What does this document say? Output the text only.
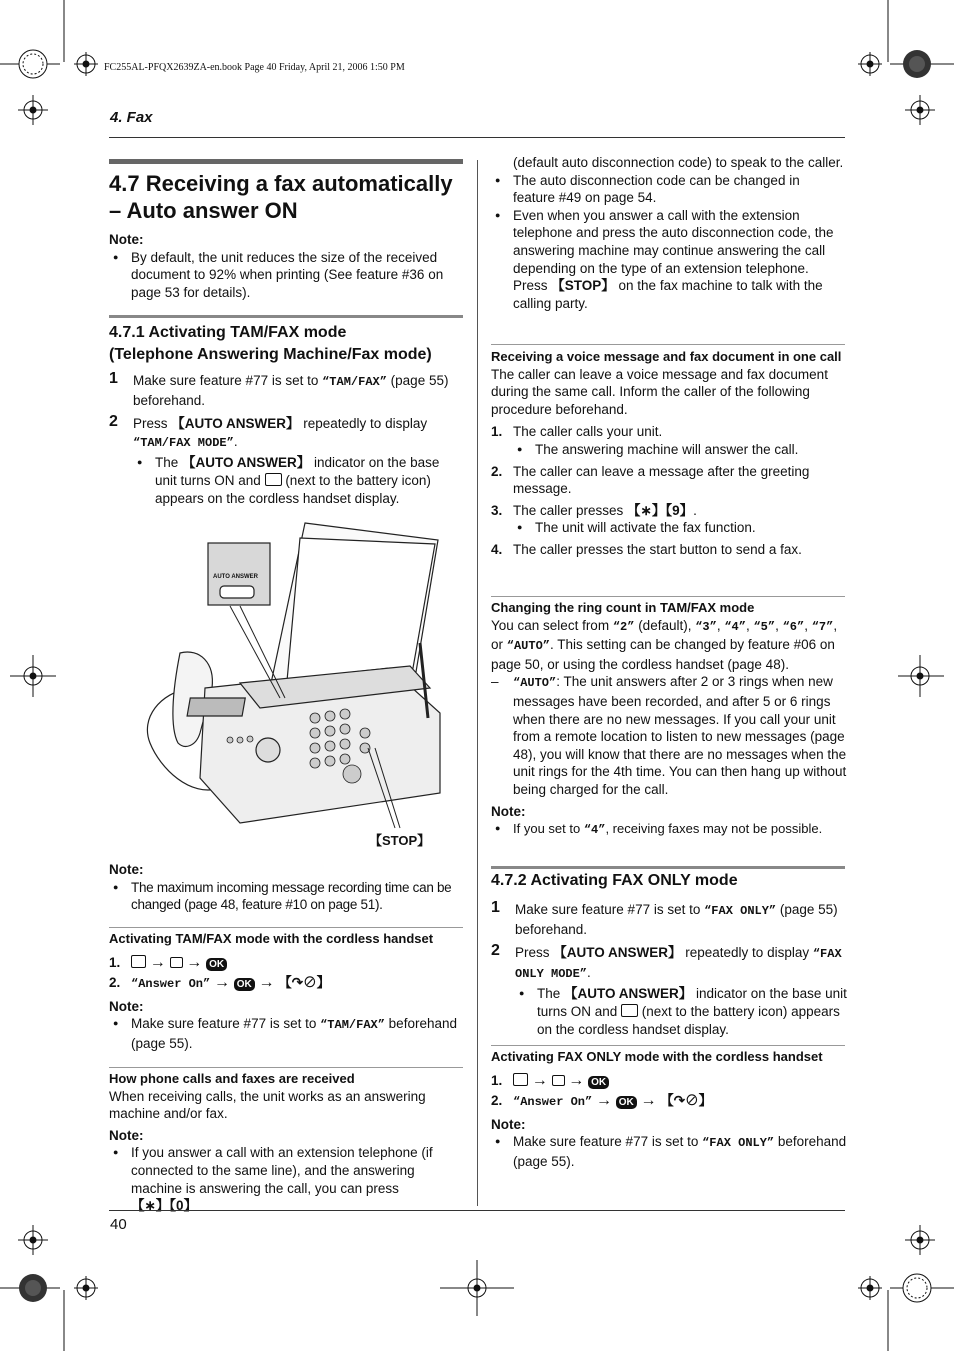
FC255AL-PFQX2639ZA-en.book Page 40 Friday, April 21, 2006 1:50 PM
4. Fax
4.7 Receiving a fax automatically
– Auto answer ON
Note:
● By default, the unit reduces the size of the received document to 92% when printing (See feature #36 on page 53 for details).
4.7.1 Activating TAM/FAX mode
(Telephone Answering Machine/Fax mode)
1 Make sure feature #77 is set to “TAM/FAX” (page 55) beforehand.
2 Press 【AUTO ANSWER】 repeatedly to display “TAM/FAX MODE”.
● The 【AUTO ANSWER】 indicator on the base unit turns ON and  (next to the battery icon) appears on the cordless handset display.
AUTO ANSWER
【STOP】
Note:
● The maximum incoming message recording time can be changed (page 48, feature #10 on page 51).
Activating TAM/FAX mode with the cordless handset
1. → → OK
2. “Answer On” → OK → 【↷⊘】
Note:
● Make sure feature #77 is set to “TAM/FAX” beforehand (page 55).
How phone calls and faxes are received
When receiving calls, the unit works as an answering machine and/or fax.
Note:
● If you answer a call with an extension telephone (if connected to the same line), and the answering machine is answering the call, you can press 【∗】【0】
(default auto disconnection code) to speak to the caller.
● The auto disconnection code can be changed in feature #49 on page 54.
● Even when you answer a call with the extension telephone and press the auto disconnection code, the answering machine may continue answering the call depending on the type of an extension telephone. Press 【STOP】 on the fax machine to talk with the calling party.
Receiving a voice message and fax document in one call
The caller can leave a voice message and fax document during the same call. Inform the caller of the following procedure beforehand.
1. The caller calls your unit.
● The answering machine will answer the call.
2. The caller can leave a message after the greeting message.
3. The caller presses 【∗】【9】.
● The unit will activate the fax function.
4. The caller presses the start button to send a fax.
Changing the ring count in TAM/FAX mode
You can select from “2” (default), “3”, “4”, “5”, “6”, “7”, or “AUTO”. This setting can be changed by feature #06 on page 50, or using the cordless handset (page 48).
– “AUTO”: The unit answers after 2 or 3 rings when new messages have been recorded, and after 5 or 6 rings when there are no new messages. If you call your unit from a remote location to listen to new messages (page 48), you will know that there are no messages when the unit rings for the 4th time. You can then hang up without being charged for the call.
Note:
● If you set to “4”, receiving faxes may not be possible.
4.7.2 Activating FAX ONLY mode
1 Make sure feature #77 is set to “FAX ONLY” (page 55) beforehand.
2 Press 【AUTO ANSWER】 repeatedly to display “FAX ONLY MODE”.
● The 【AUTO ANSWER】 indicator on the base unit turns ON and  (next to the battery icon) appears on the cordless handset display.
Activating FAX ONLY mode with the cordless handset
1. → → OK
2. “Answer On” → OK → 【↷⊘】
Note:
● Make sure feature #77 is set to “FAX ONLY” beforehand (page 55).
40
